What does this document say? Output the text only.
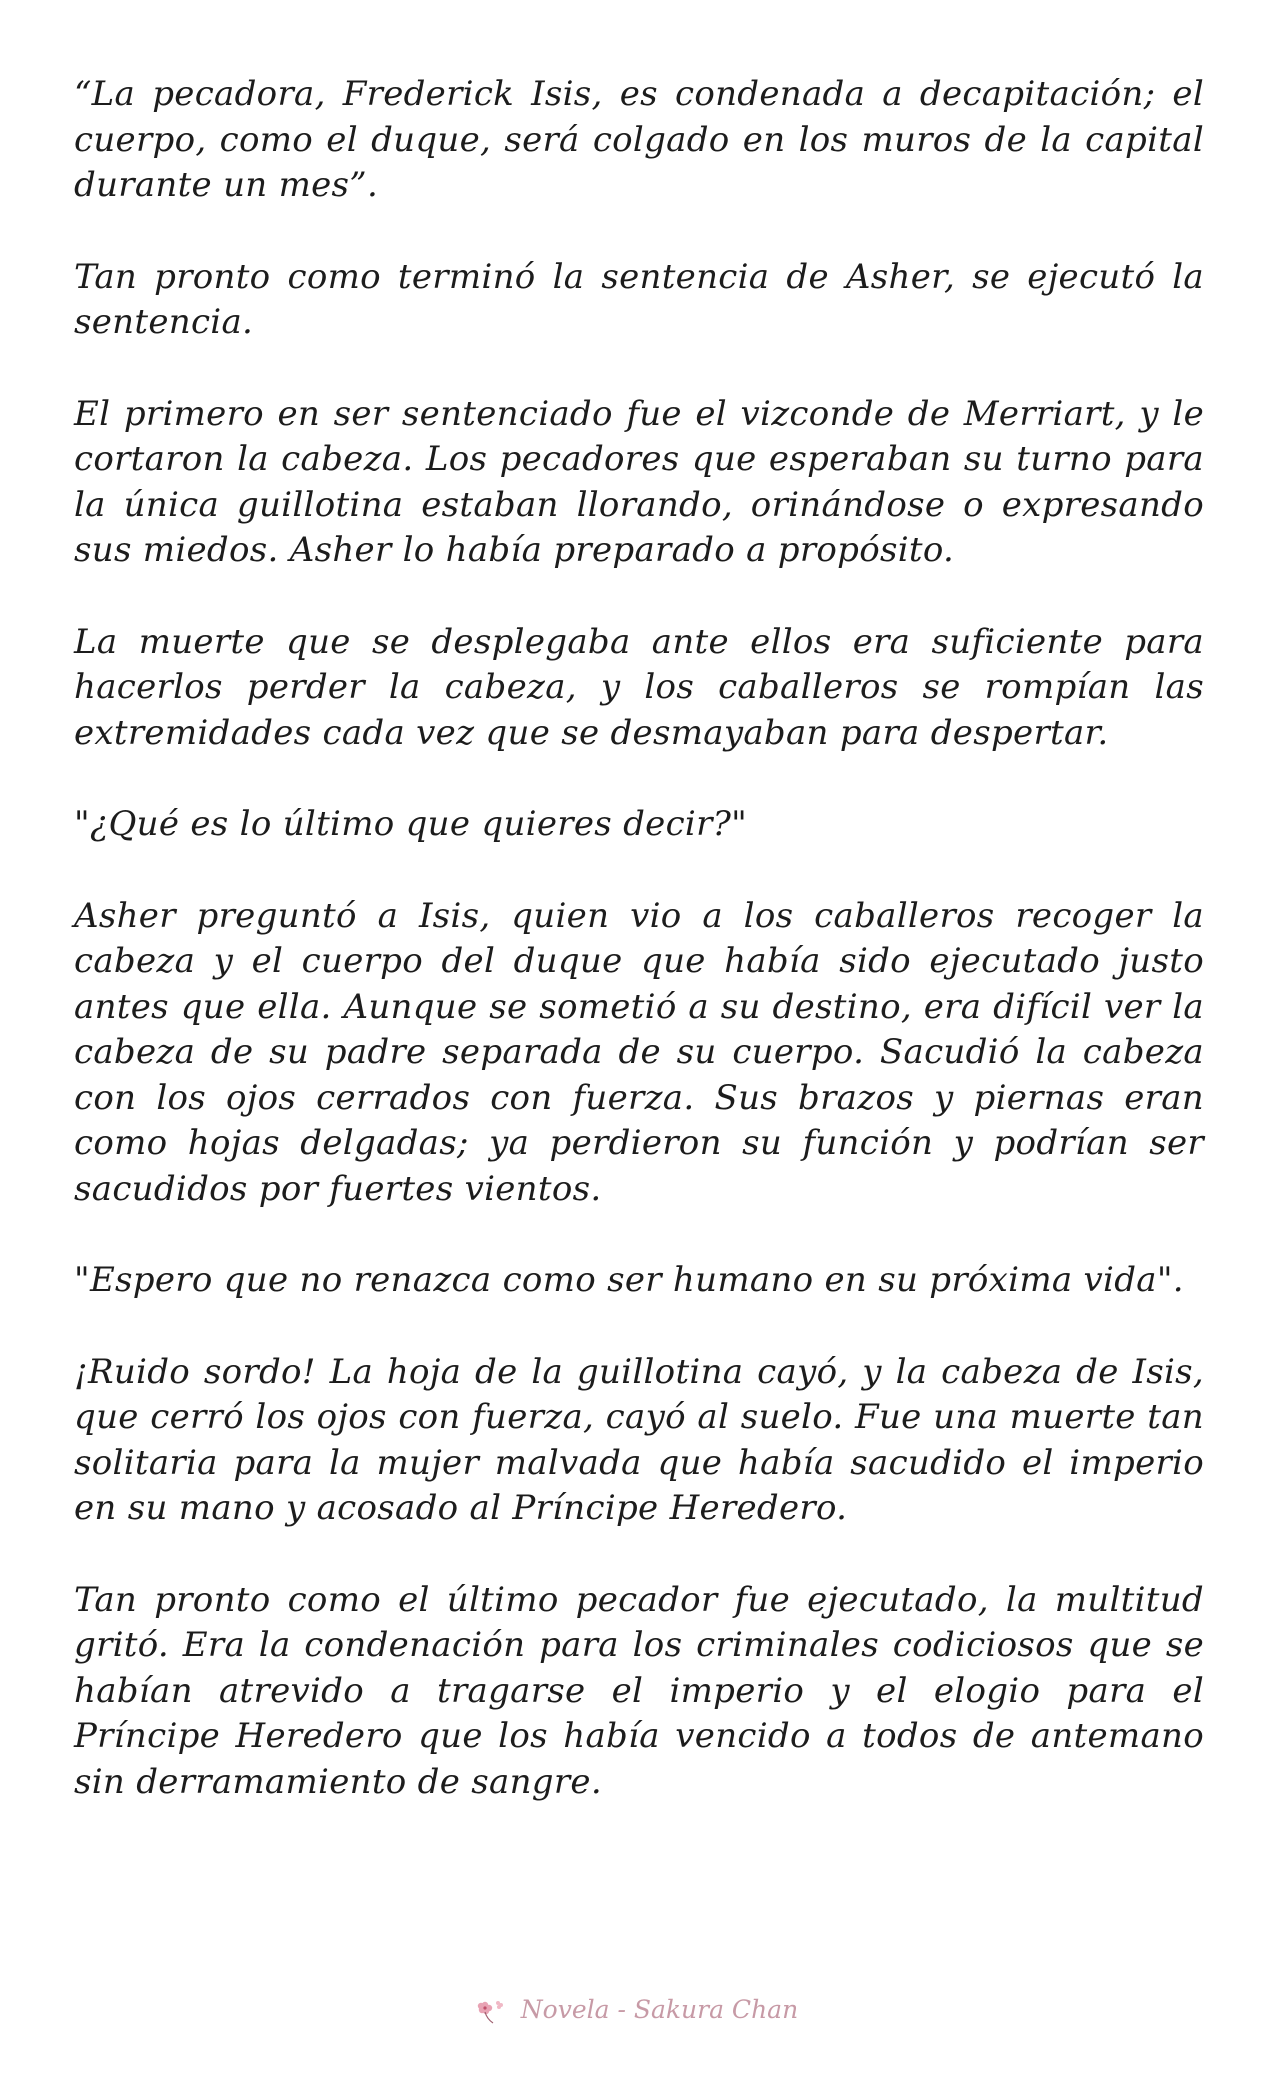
“La pecadora, Frederick Isis, es condenada a decapitación; el cuerpo, como el duque, será colgado en los muros de la capital durante un mes”.

Tan pronto como terminó la sentencia de Asher, se ejecutó la sentencia.

El primero en ser sentenciado fue el vizconde de Merriart, y le cortaron la cabeza. Los pecadores que esperaban su turno para la única guillotina estaban llorando, orinándose o expresando sus miedos. Asher lo había preparado a propósito.

La muerte que se desplegaba ante ellos era suficiente para hacerlos perder la cabeza, y los caballeros se rompían las extremidades cada vez que se desmayaban para despertar.

"¿Qué es lo último que quieres decir?"

Asher preguntó a Isis, quien vio a los caballeros recoger la cabeza y el cuerpo del duque que había sido ejecutado justo antes que ella. Aunque se sometió a su destino, era difícil ver la cabeza de su padre separada de su cuerpo. Sacudió la cabeza con los ojos cerrados con fuerza. Sus brazos y piernas eran como hojas delgadas; ya perdieron su función y podrían ser sacudidos por fuertes vientos.

"Espero que no renazca como ser humano en su próxima vida".

¡Ruido sordo! La hoja de la guillotina cayó, y la cabeza de Isis, que cerró los ojos con fuerza, cayó al suelo. Fue una muerte tan solitaria para la mujer malvada que había sacudido el imperio en su mano y acosado al Príncipe Heredero.

Tan pronto como el último pecador fue ejecutado, la multitud gritó. Era la condenación para los criminales codiciosos que se habían atrevido a tragarse el imperio y el elogio para el Príncipe Heredero que los había vencido a todos de antemano sin derramamiento de sangre.

Novela - Sakura Chan
